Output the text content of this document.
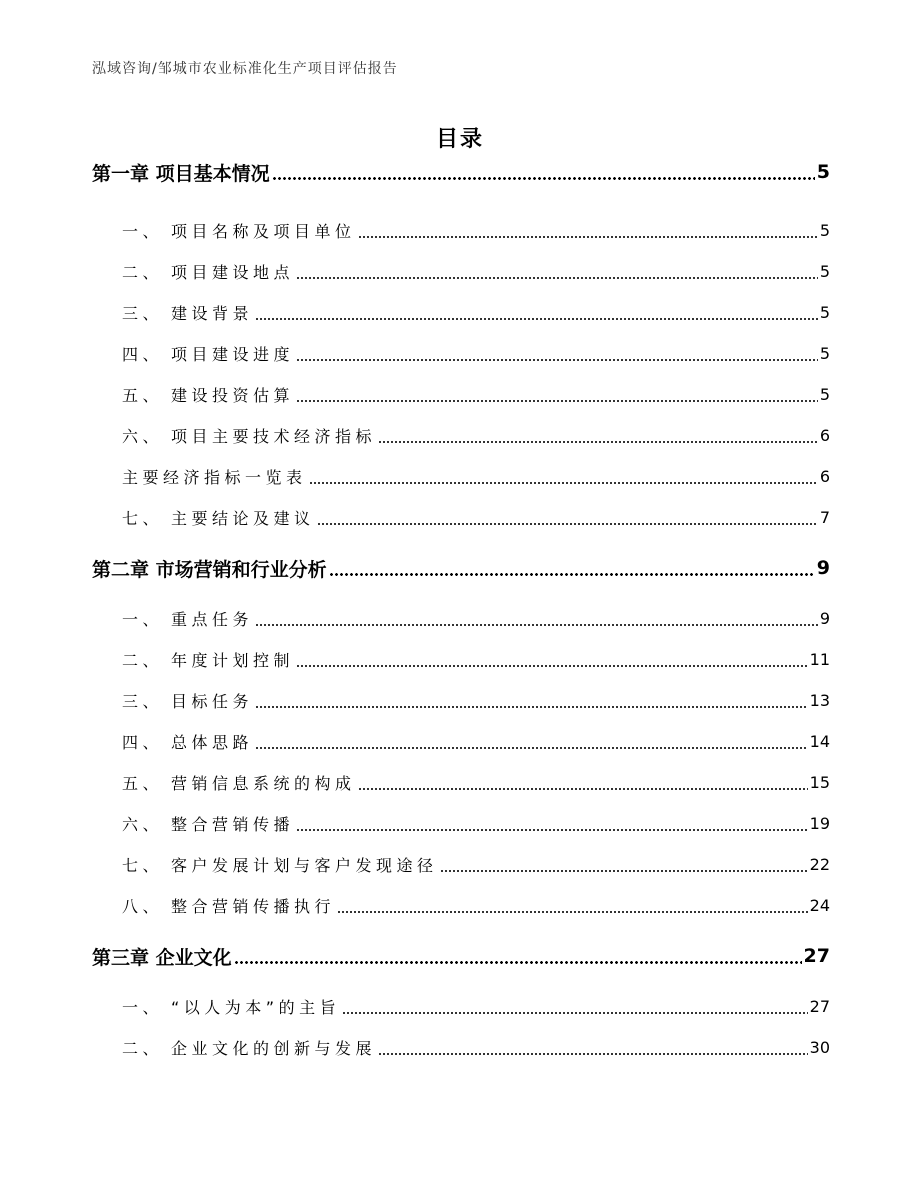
泓域咨询/邹城市农业标准化生产项目评估报告
目录
第一章 项目基本情况	5
一、 项目名称及项目单位	5
二、 项目建设地点	5
三、 建设背景	5
四、 项目建设进度	5
五、 建设投资估算	5
六、 项目主要技术经济指标	6
主要经济指标一览表	6
七、 主要结论及建议	7
第二章 市场营销和行业分析	9
一、 重点任务	9
二、 年度计划控制	11
三、 目标任务	13
四、 总体思路	14
五、 营销信息系统的构成	15
六、 整合营销传播	19
七、 客户发展计划与客户发现途径	22
八、 整合营销传播执行	24
第三章 企业文化	27
一、 “以人为本”的主旨	27
二、 企业文化的创新与发展	30
